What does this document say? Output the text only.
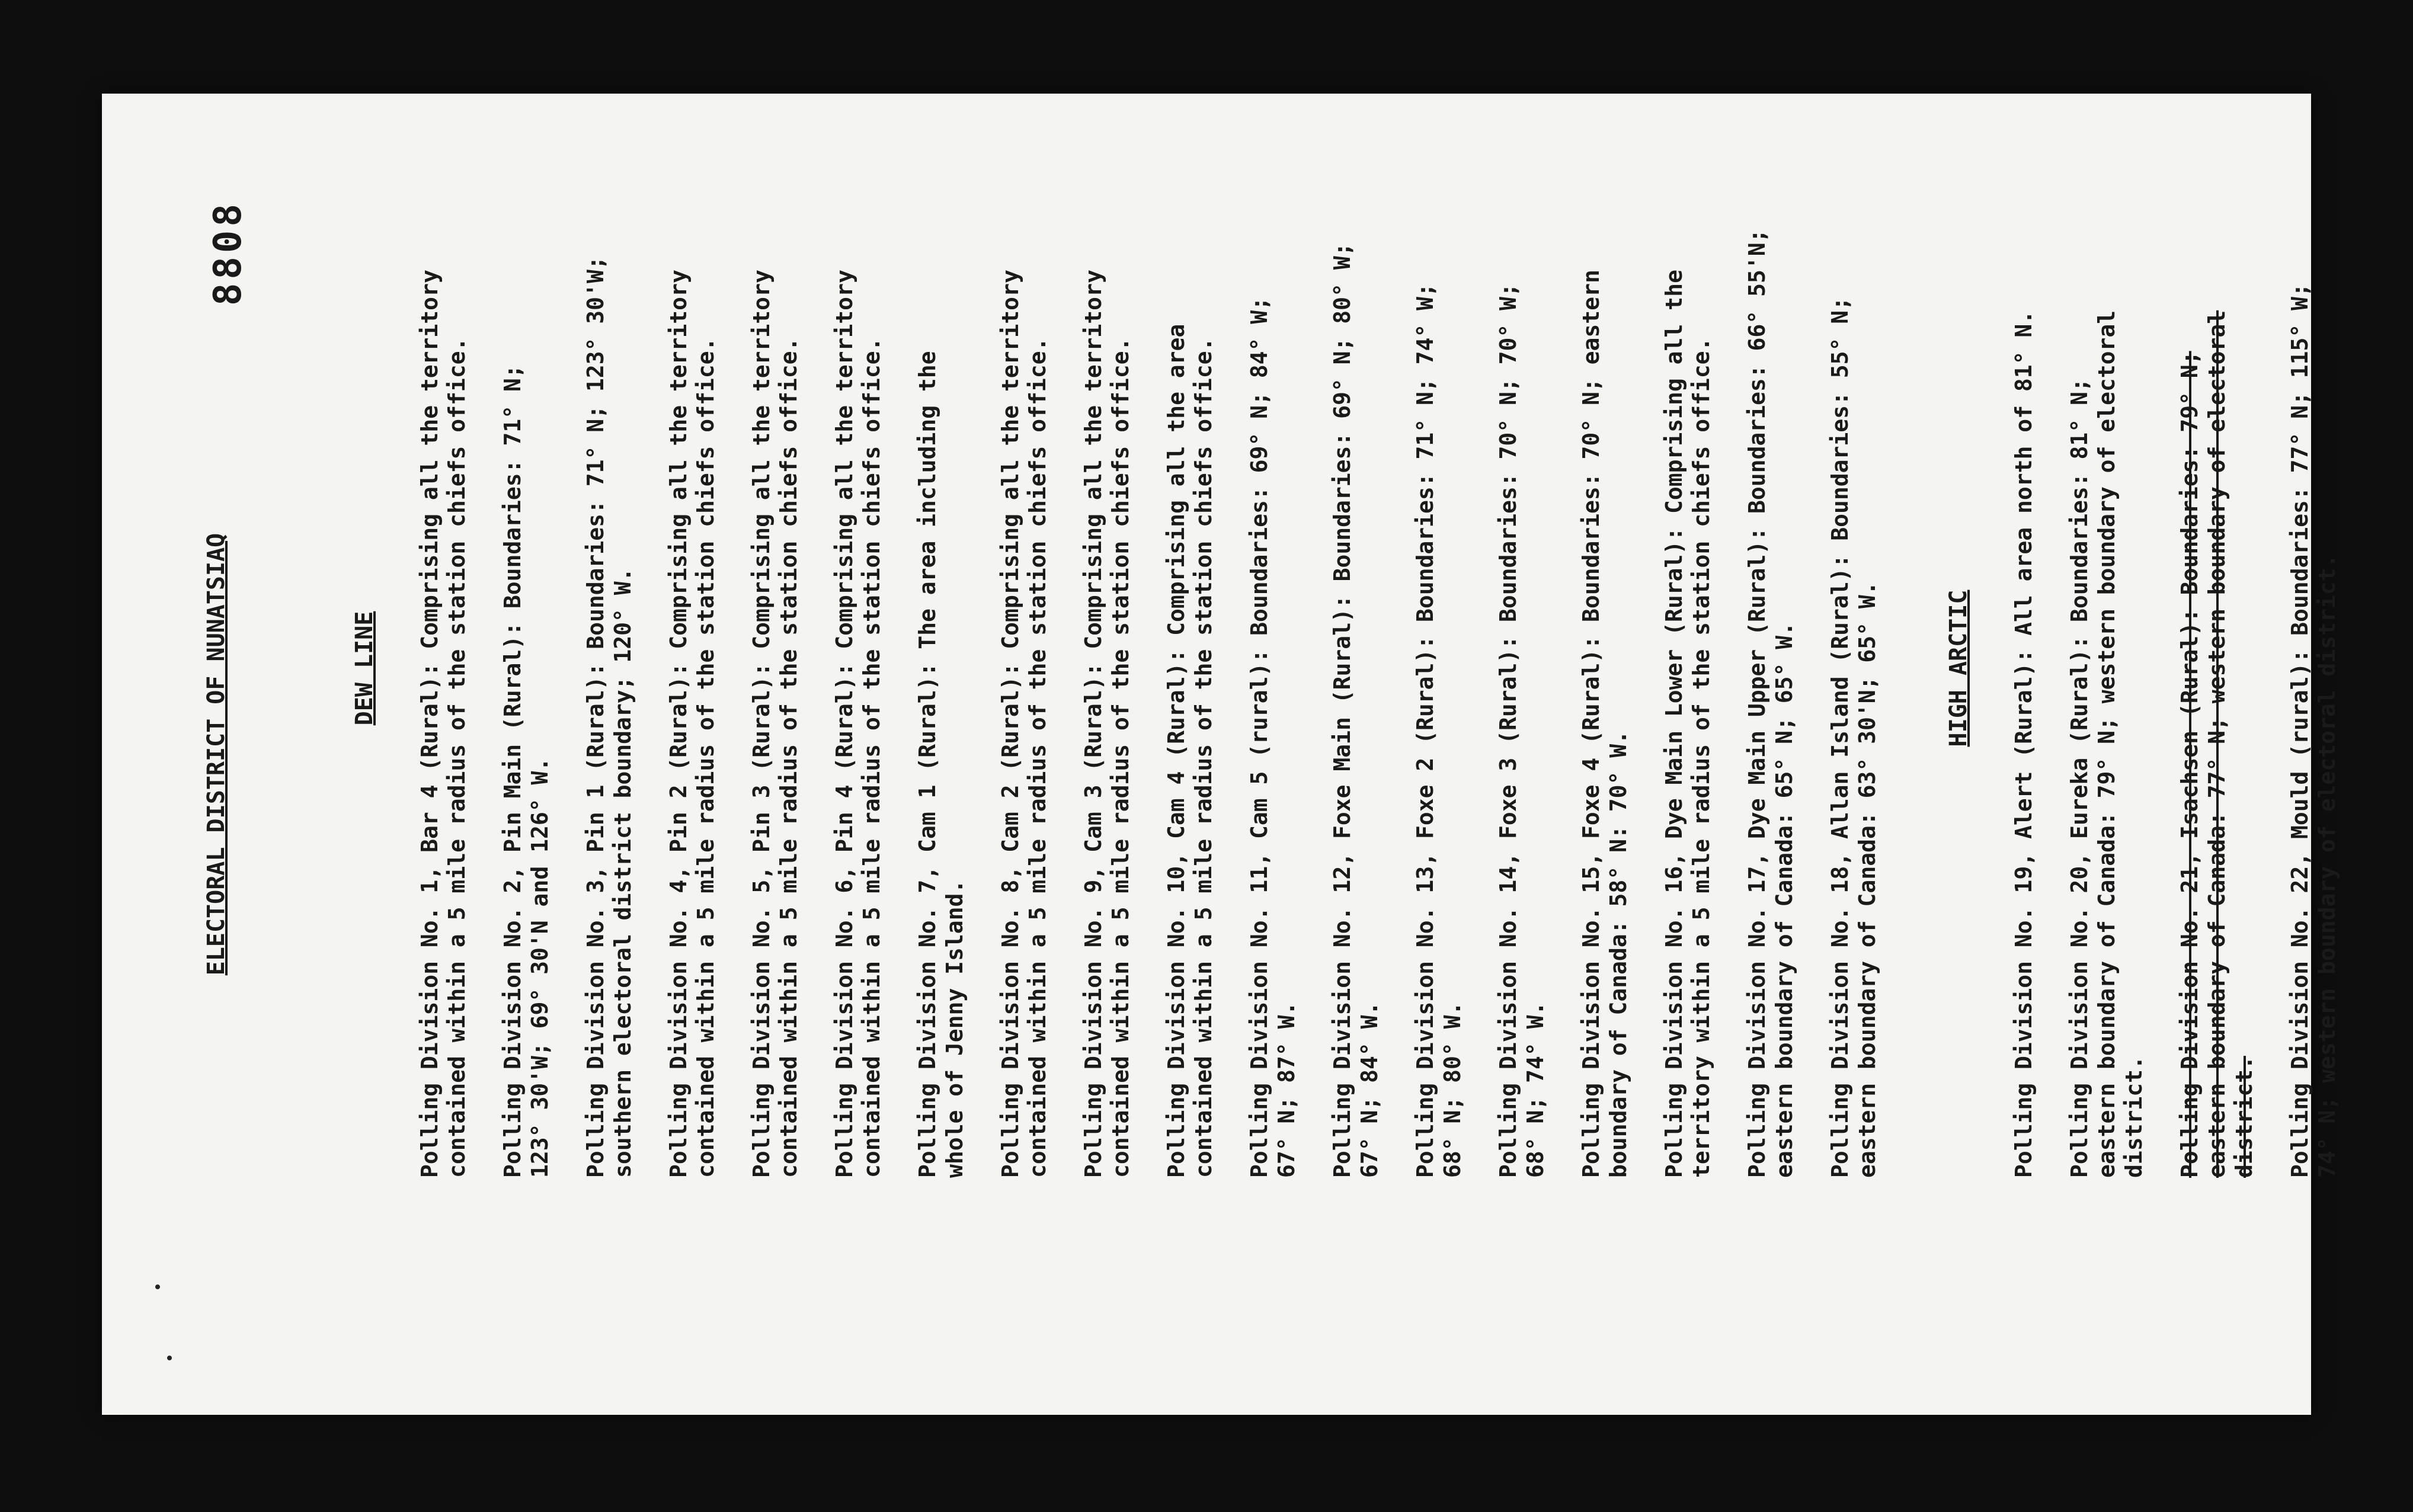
8808
ELECTORAL DISTRICT OF NUNATSIAQ	DEW LINE
Polling Division No. 1, Bar 4 (Rural): Comprising all the territory
contained within a 5 mile radius of the station chiefs office.
Polling Division No. 2, Pin Main (Rural): Boundaries: 71° N;
123° 30'W; 69° 30'N and 126° W.
Polling Division No. 3, Pin 1 (Rural): Boundaries: 71° N; 123° 30'W;
southern electoral district boundary; 120° W.
Polling Division No. 4, Pin 2 (Rural): Comprising all the territory
contained within a 5 mile radius of the station chiefs office.
Polling Division No. 5, Pin 3 (Rural): Comprising all the territory
contained within a 5 mile radius of the station chiefs office.
Polling Division No. 6, Pin 4 (Rural): Comprising all the territory
contained within a 5 mile radius of the station chiefs office.
Polling Division No. 7, Cam 1 (Rural): The area including the
whole of Jenny Island.
Polling Division No. 8, Cam 2 (Rural): Comprising all the territory
contained within a 5 mile radius of the station chiefs office.
Polling Division No. 9, Cam 3 (Rural): Comprising all the territory
contained within a 5 mile radius of the station chiefs office.
Polling Division No. 10, Cam 4 (Rural): Comprising all the area
contained within a 5 mile radius of the station chiefs office.
Polling Division No. 11, Cam 5 (rural): Boundaries: 69° N; 84° W;
67° N; 87° W.
Polling Division No. 12, Foxe Main (Rural): Boundaries: 69° N; 80° W;
67° N; 84° W.
Polling Division No. 13, Foxe 2 (Rural): Boundaries: 71° N; 74° W;
68° N; 80° W.
Polling Division No. 14, Foxe 3 (Rural): Boundaries: 70° N; 70° W;
68° N; 74° W.
Polling Division No. 15, Foxe 4 (Rural): Boundaries: 70° N; eastern
boundary of Canada: 58° N: 70° W.
Polling Division No. 16, Dye Main Lower (Rural): Comprising all the
territory within a 5 mile radius of the station chiefs office.
Polling Division No. 17, Dye Main Upper (Rural): Boundaries: 66° 55'N;
eastern boundary of Canada: 65° N; 65° W.
Polling Division No. 18, Allan Island (Rural): Boundaries: 55° N;
eastern boundary of Canada: 63° 30'N; 65° W.	HIGH ARCTIC Polling Division No. 19, Alert (Rural): All area north of 81° N. Polling Division No. 20, Eureka (Rural): Boundaries: 81° N;
eastern boundary of Canada: 79° N; western boundary of electoral
district. Polling Division No. 21, Isachsen (Rural): Boundaries: 79° N;
eastern boundary of Canada: 77° N; western boundary of electoral
district. Polling Division No. 22, Mould (rural): Boundaries: 77° N; 115° W;
74° N; western boundary of electoral district.
